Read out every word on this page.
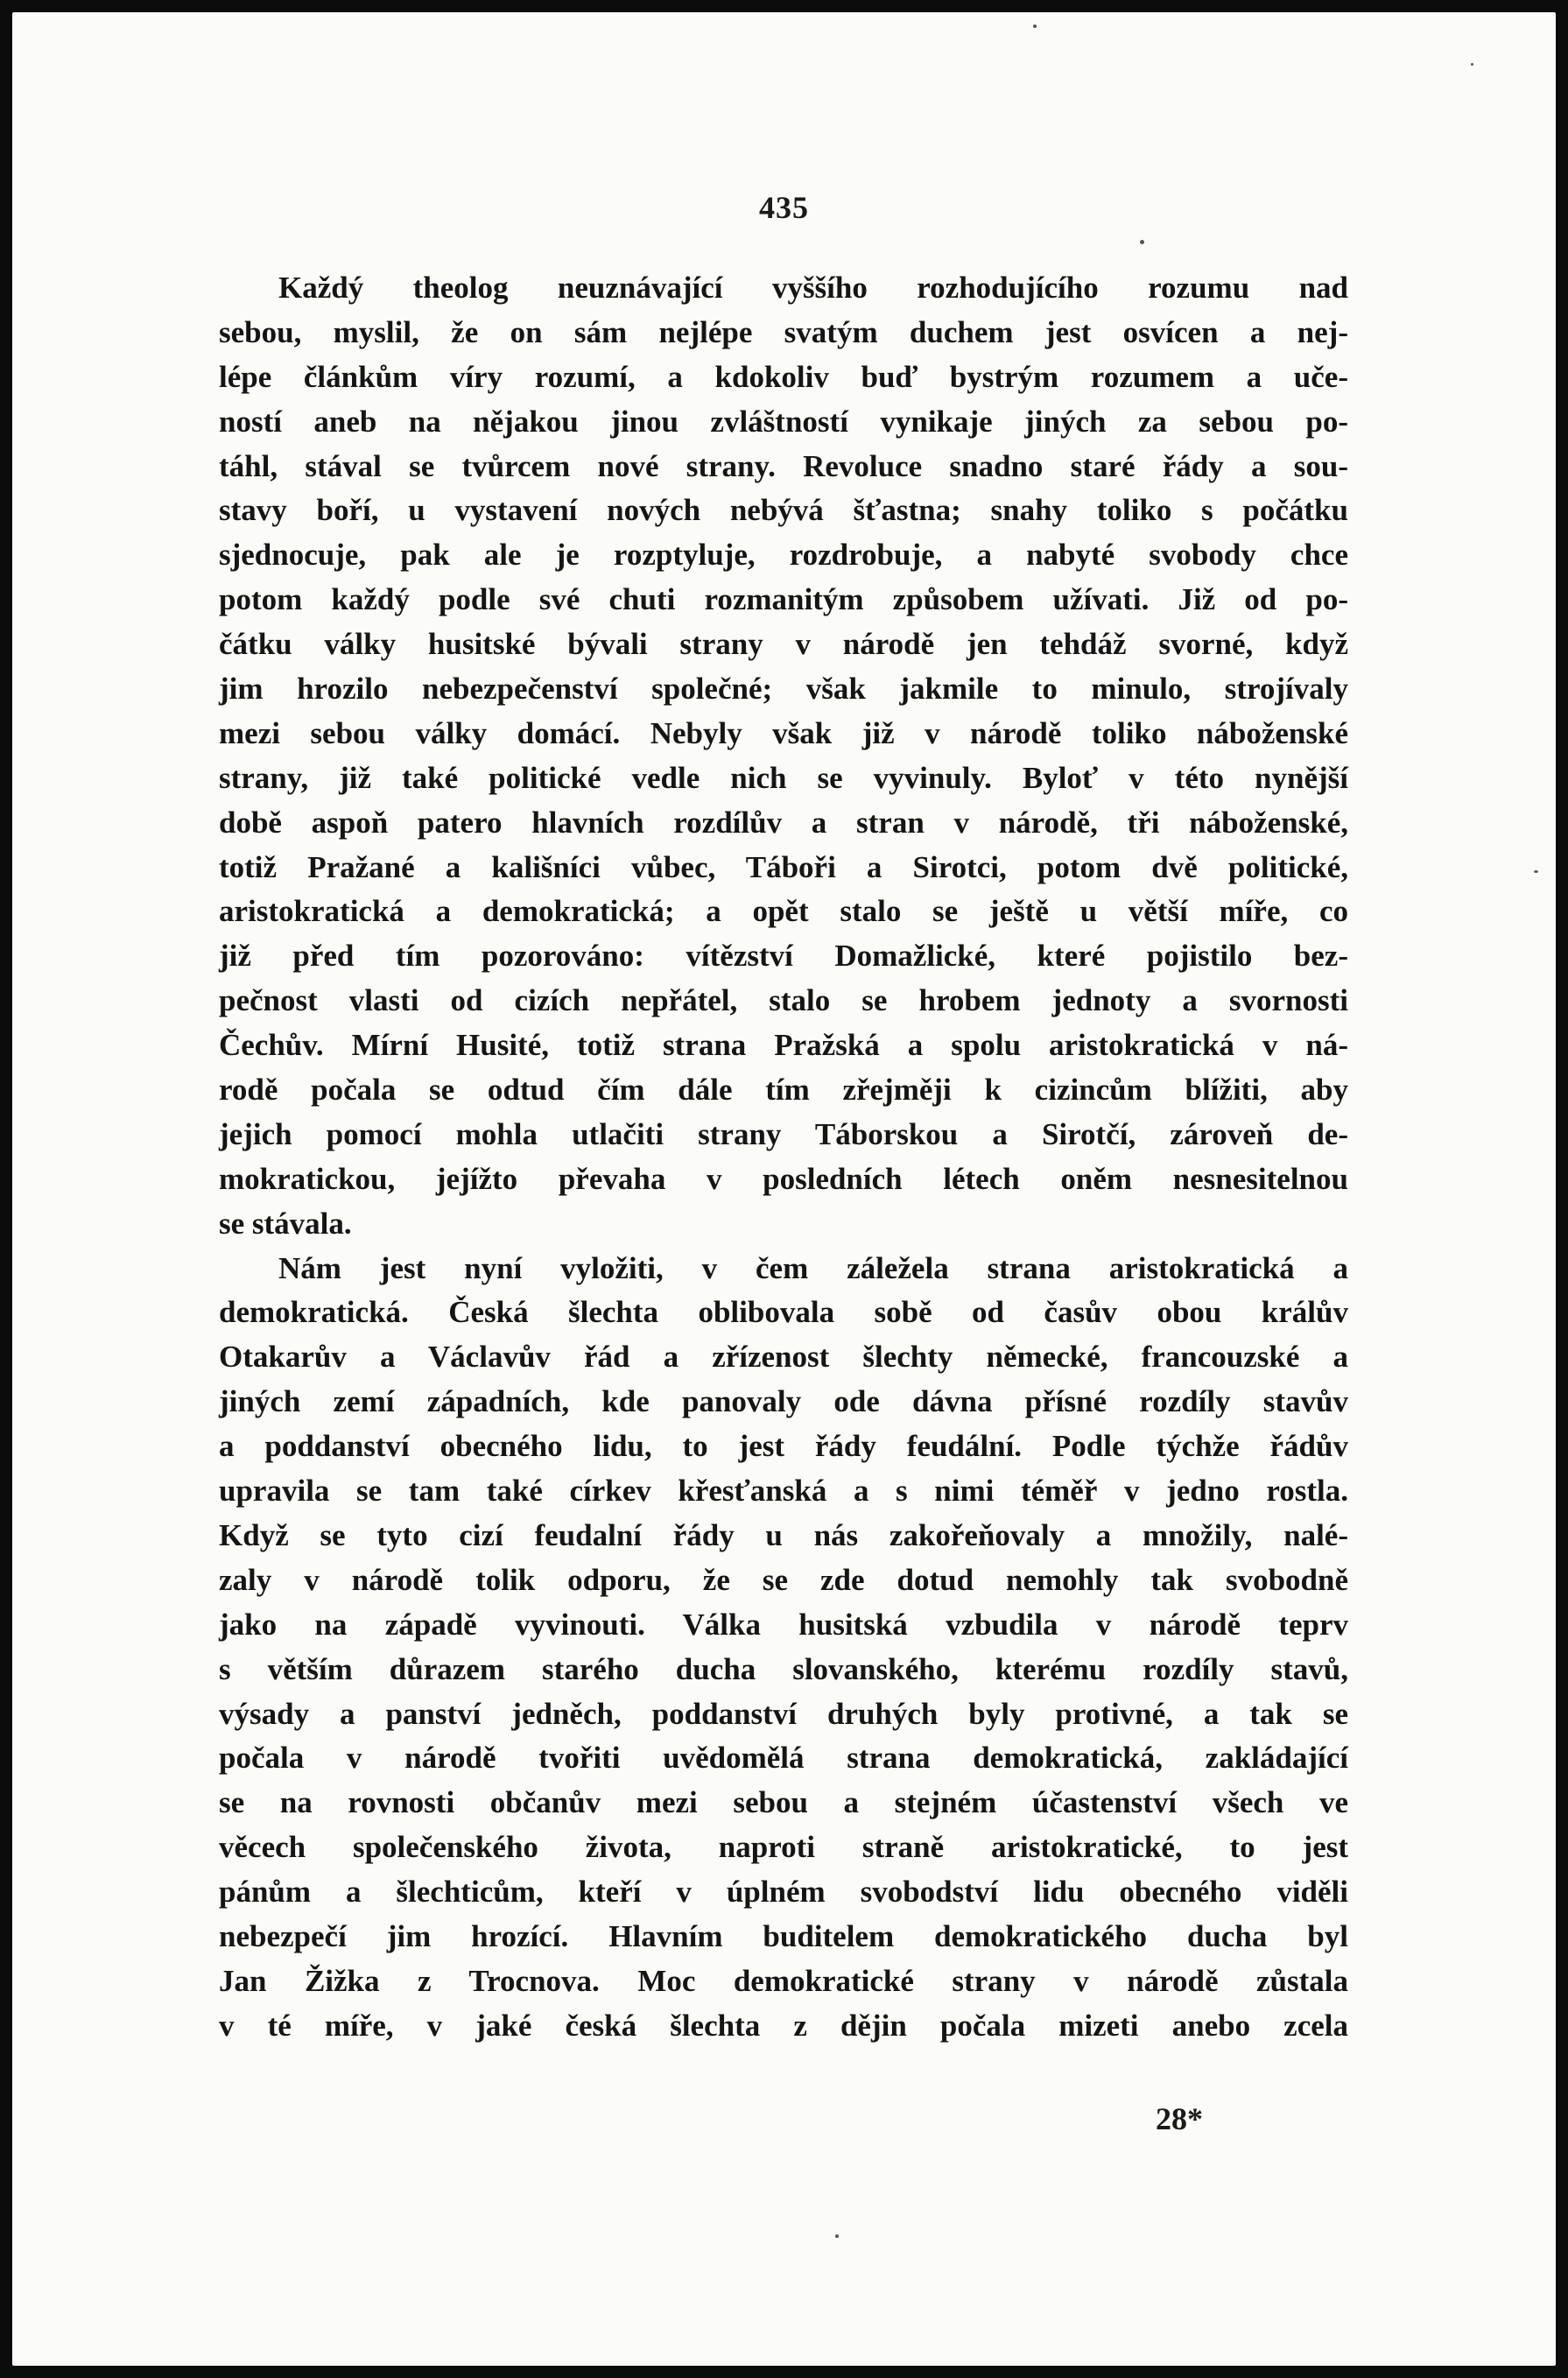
435
Každý theolog neuznávající vyššího rozhodujícího rozumu nad
sebou, myslil, že on sám nejlépe svatým duchem jest osvícen a nej-
lépe článkům víry rozumí, a kdokoliv buď bystrým rozumem a uče-
ností aneb na nějakou jinou zvláštností vynikaje jiných za sebou po-
táhl, stával se tvůrcem nové strany. Revoluce snadno staré řády a sou-
stavy boří, u vystavení nových nebývá šťastna; snahy toliko s počátku
sjednocuje, pak ale je rozptyluje, rozdrobuje, a nabyté svobody chce
potom každý podle své chuti rozmanitým způsobem užívati. Již od po-
čátku války husitské bývali strany v národě jen tehdáž svorné, když
jim hrozilo nebezpečenství společné; však jakmile to minulo, strojívaly
mezi sebou války domácí. Nebyly však již v národě toliko náboženské
strany, již také politické vedle nich se vyvinuly. Byloť v této nynější
době aspoň patero hlavních rozdílův a stran v národě, tři náboženské,
totiž Pražané a kališníci vůbec, Táboři a Sirotci, potom dvě politické,
aristokratická a demokratická; a opět stalo se ještě u větší míře, co
již před tím pozorováno: vítězství Domažlické, které pojistilo bez-
pečnost vlasti od cizích nepřátel, stalo se hrobem jednoty a svornosti
Čechův. Mírní Husité, totiž strana Pražská a spolu aristokratická v ná-
rodě počala se odtud čím dále tím zřejměji k cizincům blížiti, aby
jejich pomocí mohla utlačiti strany Táborskou a Sirotčí, zároveň de-
mokratickou, jejížto převaha v posledních létech oněm nesnesitelnou
se stávala.
Nám jest nyní vyložiti, v čem záležela strana aristokratická a
demokratická. Česká šlechta oblibovala sobě od časův obou králův
Otakarův a Václavův řád a zřízenost šlechty německé, francouzské a
jiných zemí západních, kde panovaly ode dávna přísné rozdíly stavův
a poddanství obecného lidu, to jest řády feudální. Podle týchže řádův
upravila se tam také církev křesťanská a s nimi téměř v jedno rostla.
Když se tyto cizí feudalní řády u nás zakořeňovaly a množily, nalé-
zaly v národě tolik odporu, že se zde dotud nemohly tak svobodně
jako na západě vyvinouti. Válka husitská vzbudila v národě teprv
s větším důrazem starého ducha slovanského, kterému rozdíly stavů,
výsady a panství jedněch, poddanství druhých byly protivné, a tak se
počala v národě tvořiti uvědomělá strana demokratická, zakládající
se na rovnosti občanův mezi sebou a stejném účastenství všech ve
věcech společenského života, naproti straně aristokratické, to jest
pánům a šlechticům, kteří v úplném svobodství lidu obecného viděli
nebezpečí jim hrozící. Hlavním buditelem demokratického ducha byl
Jan Žižka z Trocnova. Moc demokratické strany v národě zůstala
v té míře, v jaké česká šlechta z dějin počala mizeti anebo zcela
28*
